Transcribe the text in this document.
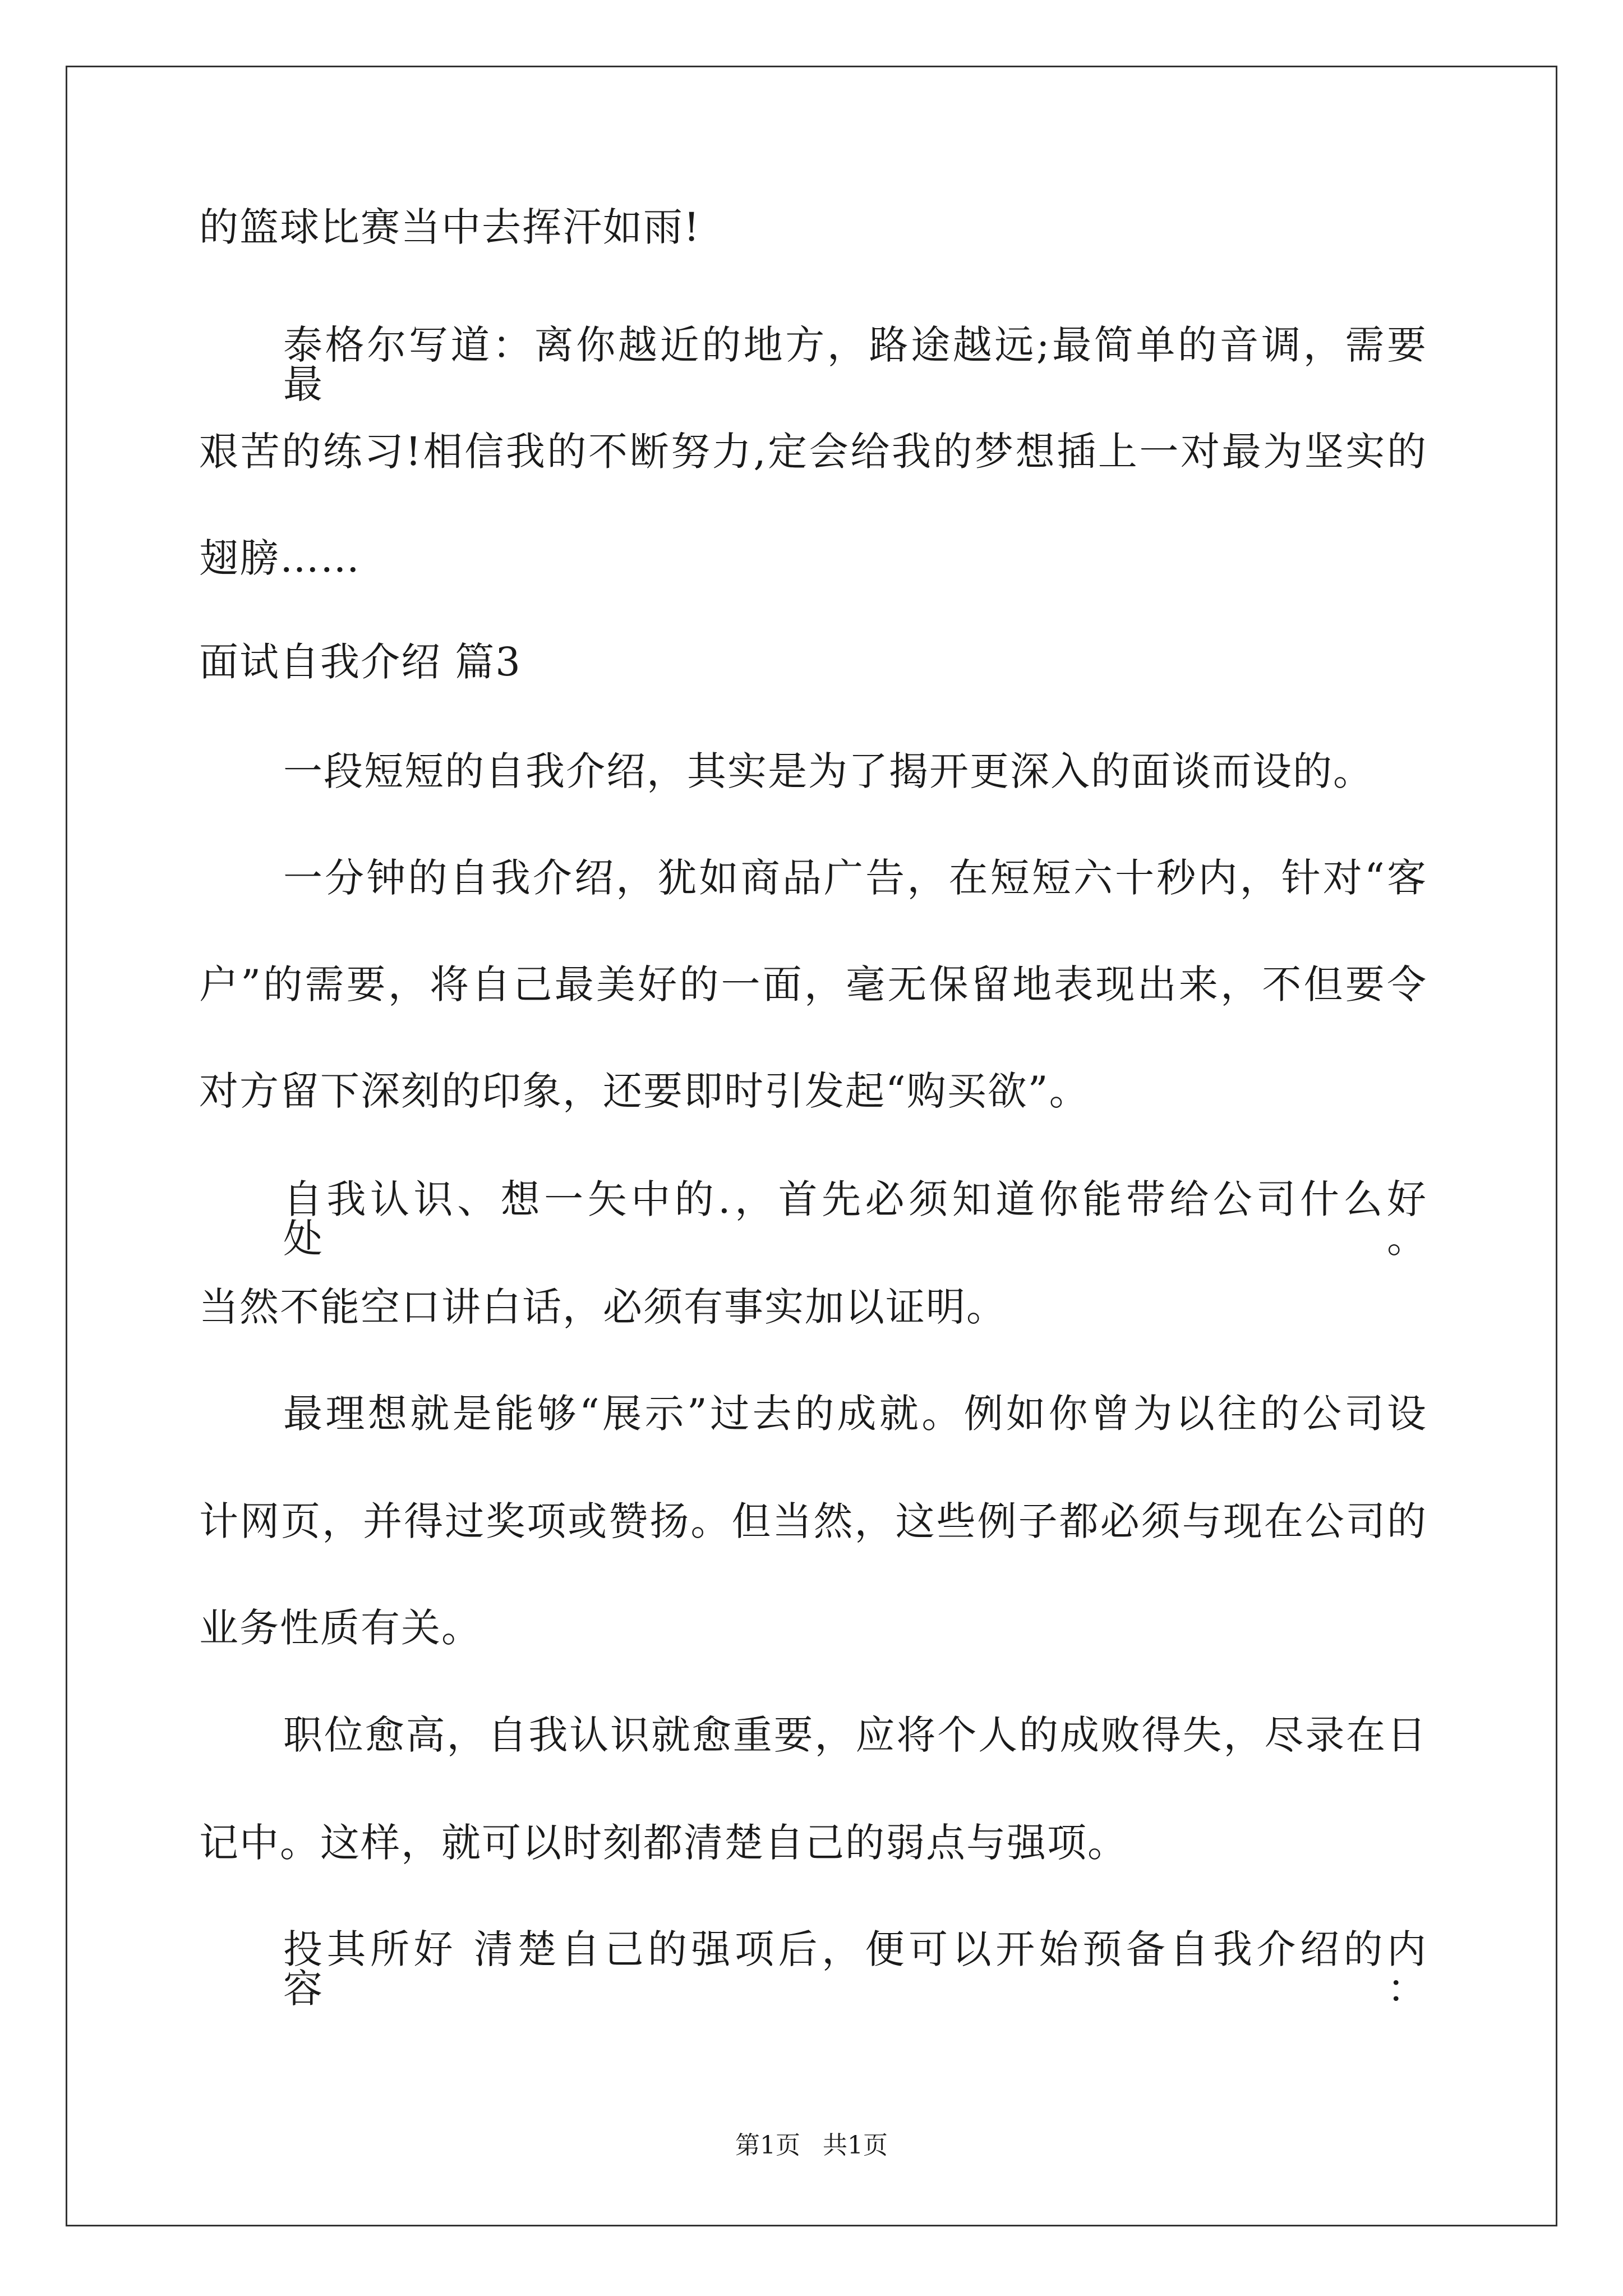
的篮球比赛当中去挥汗如雨!
泰格尔写道：离你越近的地方，路途越远;最简单的音调，需要最
艰苦的练习!相信我的不断努力,定会给我的梦想插上一对最为坚实的
翅膀……
面试自我介绍 篇3
一段短短的自我介绍，其实是为了揭开更深入的面谈而设的。
一分钟的自我介绍，犹如商品广告，在短短六十秒内，针对“客
户”的需要，将自己最美好的一面，毫无保留地表现出来，不但要令
对方留下深刻的印象，还要即时引发起“购买欲”。
自我认识、想一矢中的.，首先必须知道你能带给公司什么好处。
当然不能空口讲白话，必须有事实加以证明。
最理想就是能够“展示”过去的成就。例如你曾为以往的公司设
计网页，并得过奖项或赞扬。但当然，这些例子都必须与现在公司的
业务性质有关。
职位愈高，自我认识就愈重要，应将个人的成败得失，尽录在日
记中。这样，就可以时刻都清楚自己的弱点与强项。
投其所好 清楚自己的强项后，便可以开始预备自我介绍的内容：
第1页 共1页
